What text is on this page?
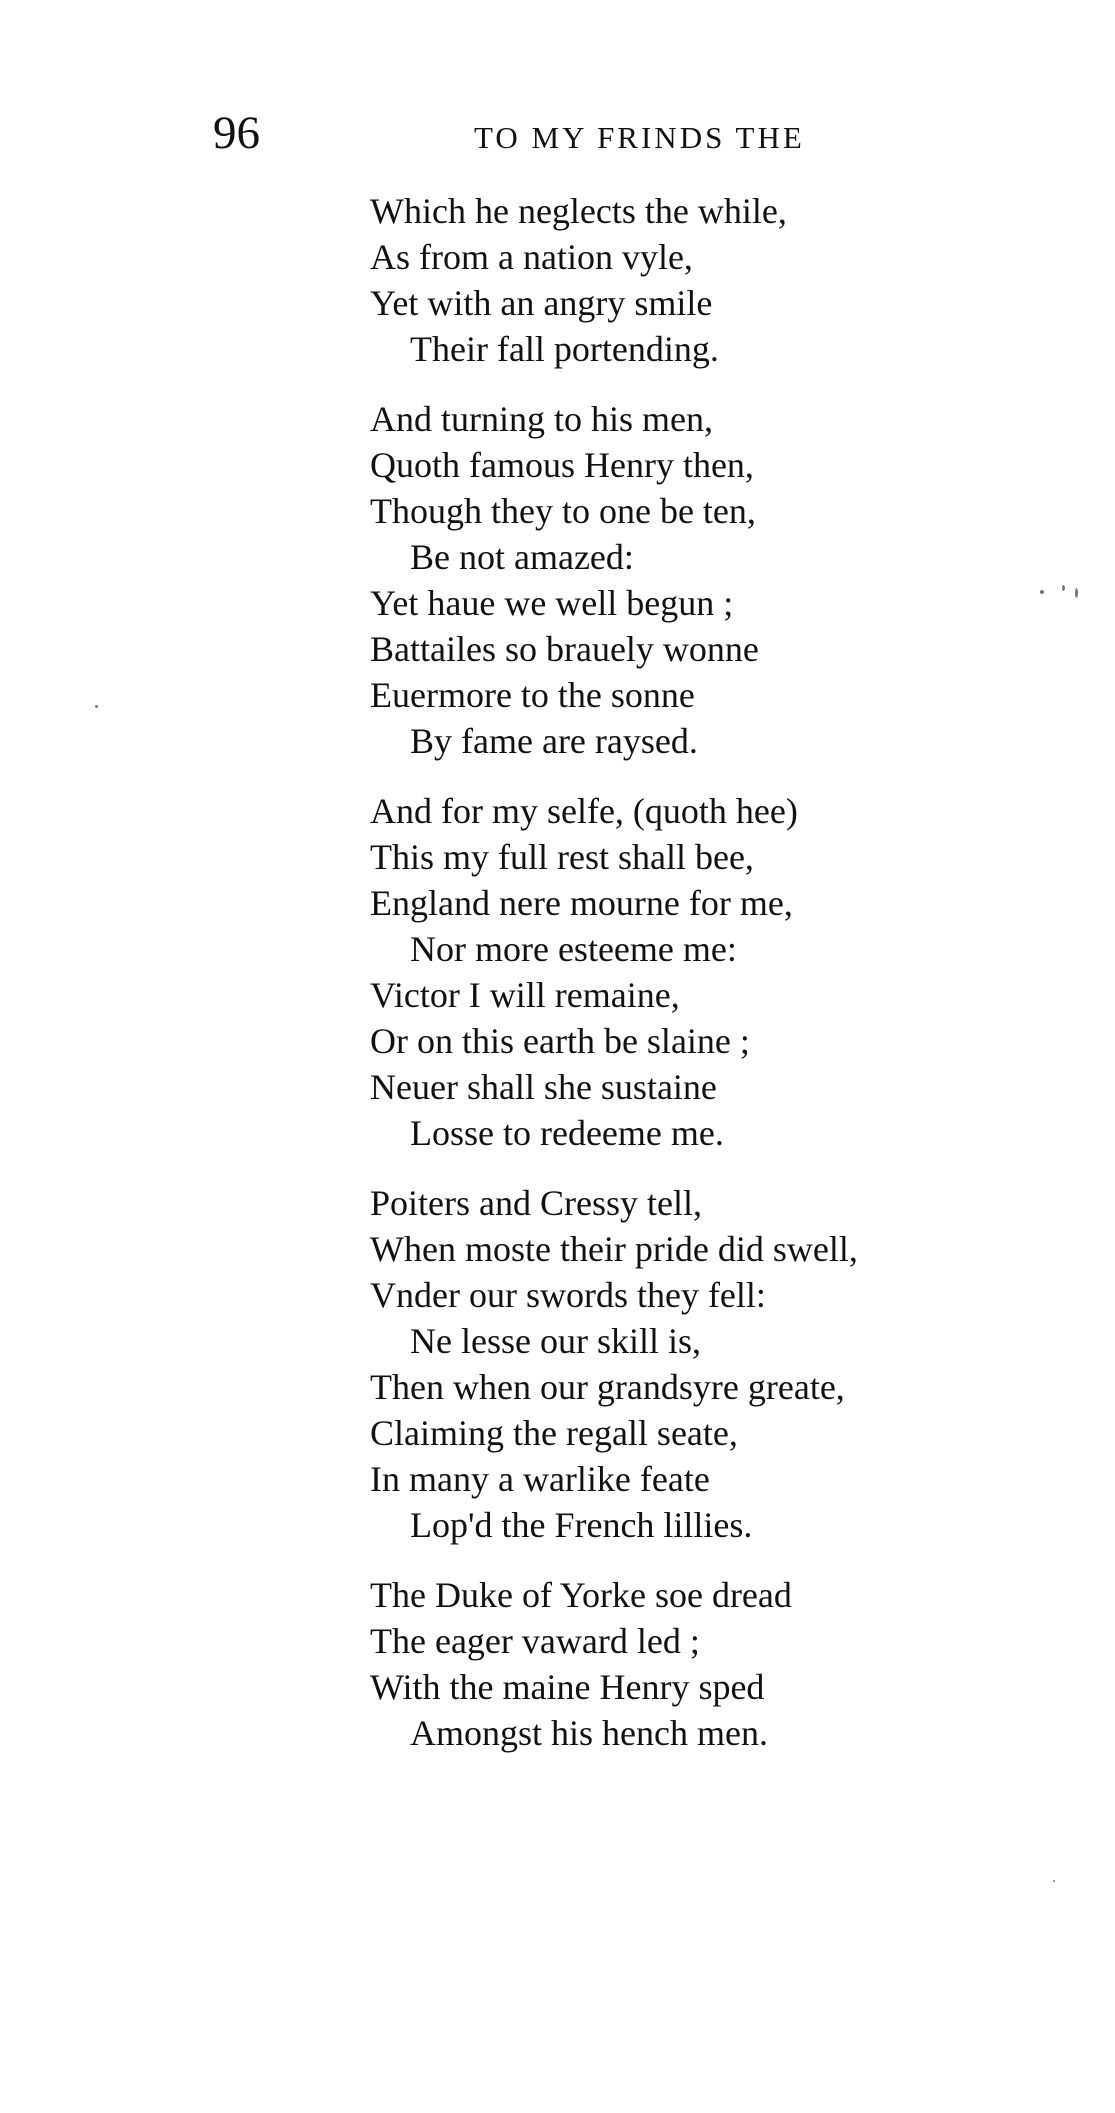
96	TO MY FRINDS THE
Which he neglects the while,
As from a nation vyle,
Yet with an angry smile
Their fall portending.
And turning to his men,
Quoth famous Henry then,
Though they to one be ten,
Be not amazed:
Yet haue we well begun ;
Battailes so brauely wonne
Euermore to the sonne
By fame are raysed.
And for my selfe, (quoth hee)
This my full rest shall bee,
England nere mourne for me,
Nor more esteeme me:
Victor I will remaine,
Or on this earth be slaine ;
Neuer shall she sustaine
Losse to redeeme me.
Poiters and Cressy tell,
When moste their pride did swell,
Vnder our swords they fell:
Ne lesse our skill is,
Then when our grandsyre greate,
Claiming the regall seate,
In many a warlike feate
Lop'd the French lillies.
The Duke of Yorke soe dread
The eager vaward led ;
With the maine Henry sped
Amongst his hench men.
